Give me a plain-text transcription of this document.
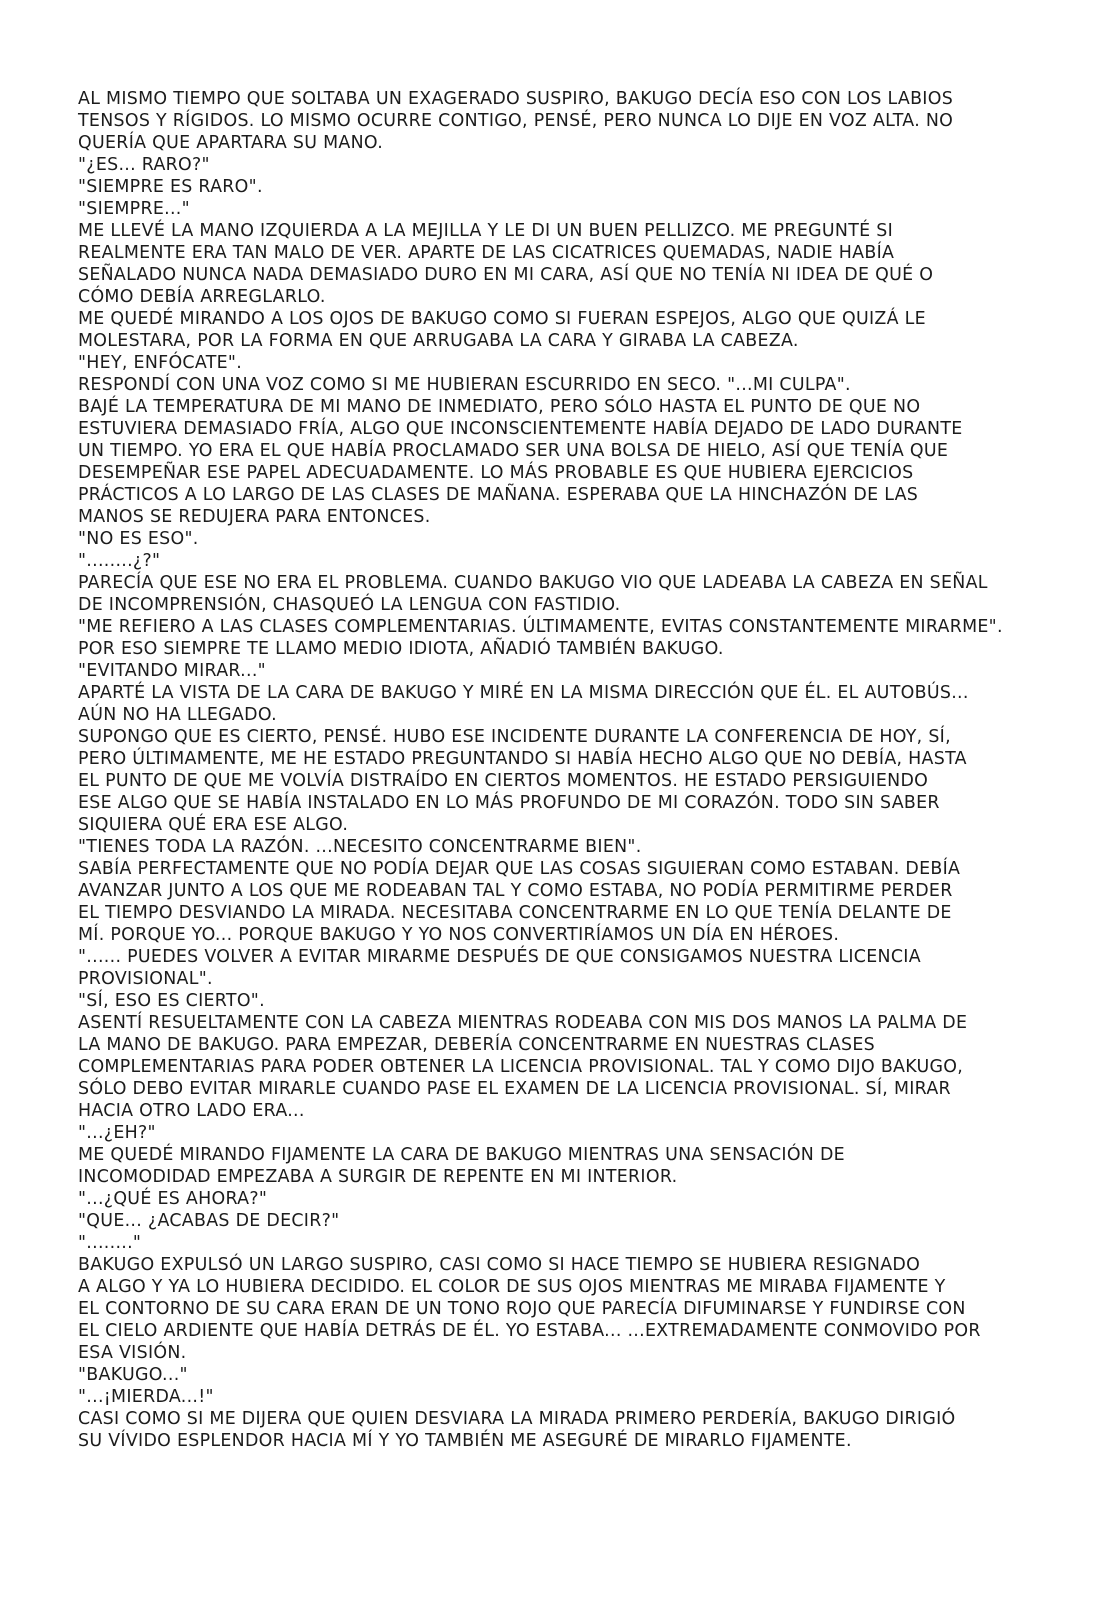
AL MISMO TIEMPO QUE SOLTABA UN EXAGERADO SUSPIRO, BAKUGO DECÍA ESO CON LOS LABIOS
TENSOS Y RÍGIDOS. LO MISMO OCURRE CONTIGO, PENSÉ, PERO NUNCA LO DIJE EN VOZ ALTA. NO
QUERÍA QUE APARTARA SU MANO.
"¿ES... RARO?"
"SIEMPRE ES RARO".
"SIEMPRE..."
ME LLEVÉ LA MANO IZQUIERDA A LA MEJILLA Y LE DI UN BUEN PELLIZCO. ME PREGUNTÉ SI
REALMENTE ERA TAN MALO DE VER. APARTE DE LAS CICATRICES QUEMADAS, NADIE HABÍA
SEÑALADO NUNCA NADA DEMASIADO DURO EN MI CARA, ASÍ QUE NO TENÍA NI IDEA DE QUÉ O
CÓMO DEBÍA ARREGLARLO.
ME QUEDÉ MIRANDO A LOS OJOS DE BAKUGO COMO SI FUERAN ESPEJOS, ALGO QUE QUIZÁ LE
MOLESTARA, POR LA FORMA EN QUE ARRUGABA LA CARA Y GIRABA LA CABEZA.
"HEY, ENFÓCATE".
RESPONDÍ CON UNA VOZ COMO SI ME HUBIERAN ESCURRIDO EN SECO. "...MI CULPA".
BAJÉ LA TEMPERATURA DE MI MANO DE INMEDIATO, PERO SÓLO HASTA EL PUNTO DE QUE NO
ESTUVIERA DEMASIADO FRÍA, ALGO QUE INCONSCIENTEMENTE HABÍA DEJADO DE LADO DURANTE
UN TIEMPO. YO ERA EL QUE HABÍA PROCLAMADO SER UNA BOLSA DE HIELO, ASÍ QUE TENÍA QUE
DESEMPEÑAR ESE PAPEL ADECUADAMENTE. LO MÁS PROBABLE ES QUE HUBIERA EJERCICIOS
PRÁCTICOS A LO LARGO DE LAS CLASES DE MAÑANA. ESPERABA QUE LA HINCHAZÓN DE LAS
MANOS SE REDUJERA PARA ENTONCES.
"NO ES ESO".
"........¿?"
PARECÍA QUE ESE NO ERA EL PROBLEMA. CUANDO BAKUGO VIO QUE LADEABA LA CABEZA EN SEÑAL
DE INCOMPRENSIÓN, CHASQUEÓ LA LENGUA CON FASTIDIO.
"ME REFIERO A LAS CLASES COMPLEMENTARIAS. ÚLTIMAMENTE, EVITAS CONSTANTEMENTE MIRARME".
POR ESO SIEMPRE TE LLAMO MEDIO IDIOTA, AÑADIÓ TAMBIÉN BAKUGO.
"EVITANDO MIRAR..."
APARTÉ LA VISTA DE LA CARA DE BAKUGO Y MIRÉ EN LA MISMA DIRECCIÓN QUE ÉL. EL AUTOBÚS...
AÚN NO HA LLEGADO.
SUPONGO QUE ES CIERTO, PENSÉ. HUBO ESE INCIDENTE DURANTE LA CONFERENCIA DE HOY, SÍ,
PERO ÚLTIMAMENTE, ME HE ESTADO PREGUNTANDO SI HABÍA HECHO ALGO QUE NO DEBÍA, HASTA
EL PUNTO DE QUE ME VOLVÍA DISTRAÍDO EN CIERTOS MOMENTOS. HE ESTADO PERSIGUIENDO
ESE ALGO QUE SE HABÍA INSTALADO EN LO MÁS PROFUNDO DE MI CORAZÓN. TODO SIN SABER
SIQUIERA QUÉ ERA ESE ALGO.
"TIENES TODA LA RAZÓN. ...NECESITO CONCENTRARME BIEN".
SABÍA PERFECTAMENTE QUE NO PODÍA DEJAR QUE LAS COSAS SIGUIERAN COMO ESTABAN. DEBÍA
AVANZAR JUNTO A LOS QUE ME RODEABAN TAL Y COMO ESTABA, NO PODÍA PERMITIRME PERDER
EL TIEMPO DESVIANDO LA MIRADA. NECESITABA CONCENTRARME EN LO QUE TENÍA DELANTE DE
MÍ. PORQUE YO... PORQUE BAKUGO Y YO NOS CONVERTIRÍAMOS UN DÍA EN HÉROES.
"...... PUEDES VOLVER A EVITAR MIRARME DESPUÉS DE QUE CONSIGAMOS NUESTRA LICENCIA
PROVISIONAL".
"SÍ, ESO ES CIERTO".
ASENTÍ RESUELTAMENTE CON LA CABEZA MIENTRAS RODEABA CON MIS DOS MANOS LA PALMA DE
LA MANO DE BAKUGO. PARA EMPEZAR, DEBERÍA CONCENTRARME EN NUESTRAS CLASES
COMPLEMENTARIAS PARA PODER OBTENER LA LICENCIA PROVISIONAL. TAL Y COMO DIJO BAKUGO,
SÓLO DEBO EVITAR MIRARLE CUANDO PASE EL EXAMEN DE LA LICENCIA PROVISIONAL. SÍ, MIRAR
HACIA OTRO LADO ERA...
"...¿EH?"
ME QUEDÉ MIRANDO FIJAMENTE LA CARA DE BAKUGO MIENTRAS UNA SENSACIÓN DE
INCOMODIDAD EMPEZABA A SURGIR DE REPENTE EN MI INTERIOR.
"...¿QUÉ ES AHORA?"
"QUE... ¿ACABAS DE DECIR?"
"........"
BAKUGO EXPULSÓ UN LARGO SUSPIRO, CASI COMO SI HACE TIEMPO SE HUBIERA RESIGNADO
A ALGO Y YA LO HUBIERA DECIDIDO. EL COLOR DE SUS OJOS MIENTRAS ME MIRABA FIJAMENTE Y
EL CONTORNO DE SU CARA ERAN DE UN TONO ROJO QUE PARECÍA DIFUMINARSE Y FUNDIRSE CON
EL CIELO ARDIENTE QUE HABÍA DETRÁS DE ÉL. YO ESTABA... ...EXTREMADAMENTE CONMOVIDO POR
ESA VISIÓN.
"BAKUGO..."
"...¡MIERDA...!"
CASI COMO SI ME DIJERA QUE QUIEN DESVIARA LA MIRADA PRIMERO PERDERÍA, BAKUGO DIRIGIÓ
SU VÍVIDO ESPLENDOR HACIA MÍ Y YO TAMBIÉN ME ASEGURÉ DE MIRARLO FIJAMENTE.
